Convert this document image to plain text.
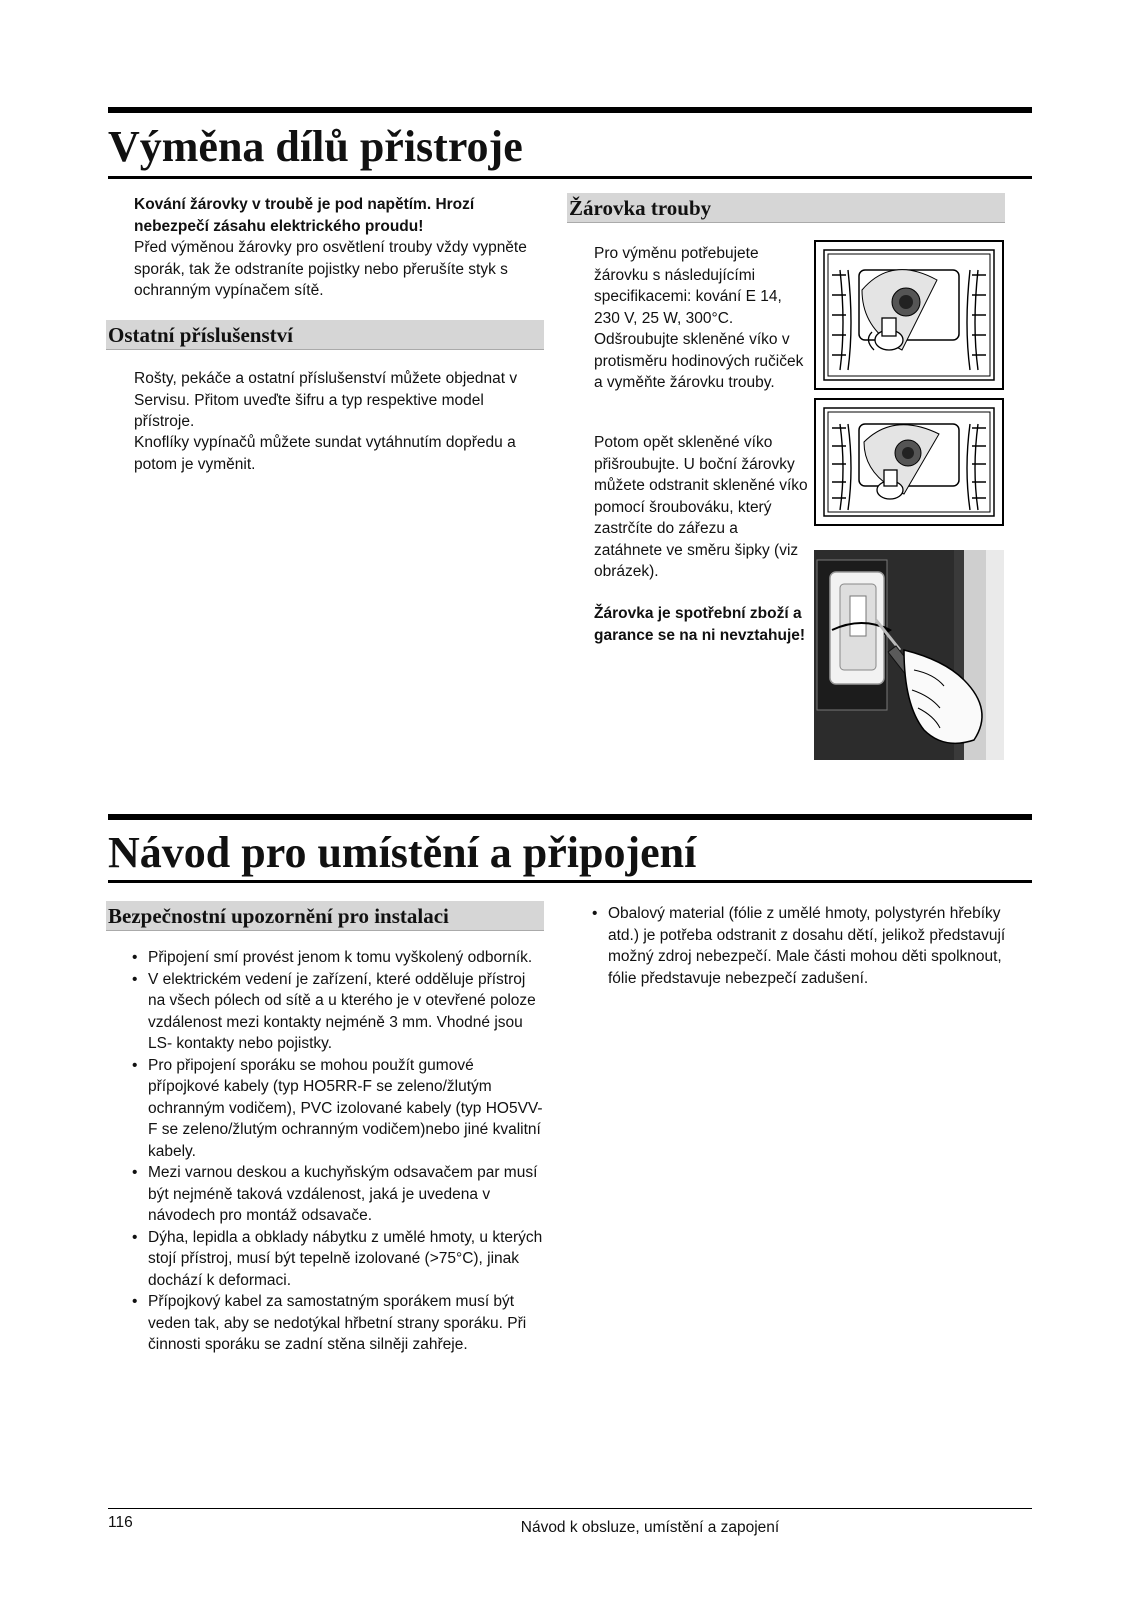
Výměna dílů přistroje

Kování žárovky v troubě je pod napětím. Hrozí nebezpečí zásahu elektrického proudu!

Před výměnou žárovky pro osvětlení trouby vždy vypněte sporák, tak že odstraníte pojistky nebo přerušíte styk s ochranným vypínačem sítě.

Ostatní příslušenství

Rošty, pekáče a ostatní příslušenství můžete objednat v Servisu. Přitom uveďte šifru a typ respektive model přístroje.

Knoflíky vypínačů můžete sundat vytáhnutím dopředu a potom je vyměnit.

Žárovka trouby

Pro výměnu potřebujete žárovku s následujícími specifikacemi: kování E 14, 230 V, 25 W, 300°C. Odšroubujte skleněné víko v protisměru hodinových ručiček a vyměňte žárovku trouby.

Potom opět skleněné víko přišroubujte. U boční žárovky můžete odstranit skleněné víko pomocí šroubováku, který zastrčíte do zářezu a zatáhnete ve směru šipky (viz obrázek).

Žárovka je spotřební zboží a garance se na ni nevztahuje!

Návod pro umístění a připojení
Bezpečnostní upozornění pro instalaci
• Připojení smí provést jenom k tomu vyškolený odborník.
• V elektrickém vedení je zařízení, které odděluje přístroj na všech pólech od sítě a u kterého je v otevřené poloze vzdálenost mezi kontakty nejméně 3 mm. Vhodné jsou LS- kontakty nebo pojistky.
• Pro připojení sporáku se mohou použít gumové přípojkové kabely (typ HO5RR-F se zeleno/žlutým ochranným vodičem), PVC izolované kabely (typ HO5VV-F se zeleno/žlutým ochranným vodičem)nebo jiné kvalitní kabely.
• Mezi varnou deskou a kuchyňským odsavačem par musí být nejméně taková vzdálenost, jaká je uvedena v návodech pro montáž odsavače.
• Dýha, lepidla a obklady nábytku z umělé hmoty, u kterých stojí přístroj, musí být tepelně izolované (>75°C), jinak dochází k deformaci.
• Přípojkový kabel za samostatným sporákem musí být veden tak, aby se nedotýkal hřbetní strany sporáku. Při činnosti sporáku se zadní stěna silněji zahřeje.
• Obalový material (fólie z umělé hmoty, polystyrén hřebíky atd.) je potřeba odstranit z dosahu dětí, jelikož představují možný zdroj nebezpečí. Male části mohou děti spolknout, fólie představuje nebezpečí zadušení.
116	Návod k obsluze, umístění a zapojení
